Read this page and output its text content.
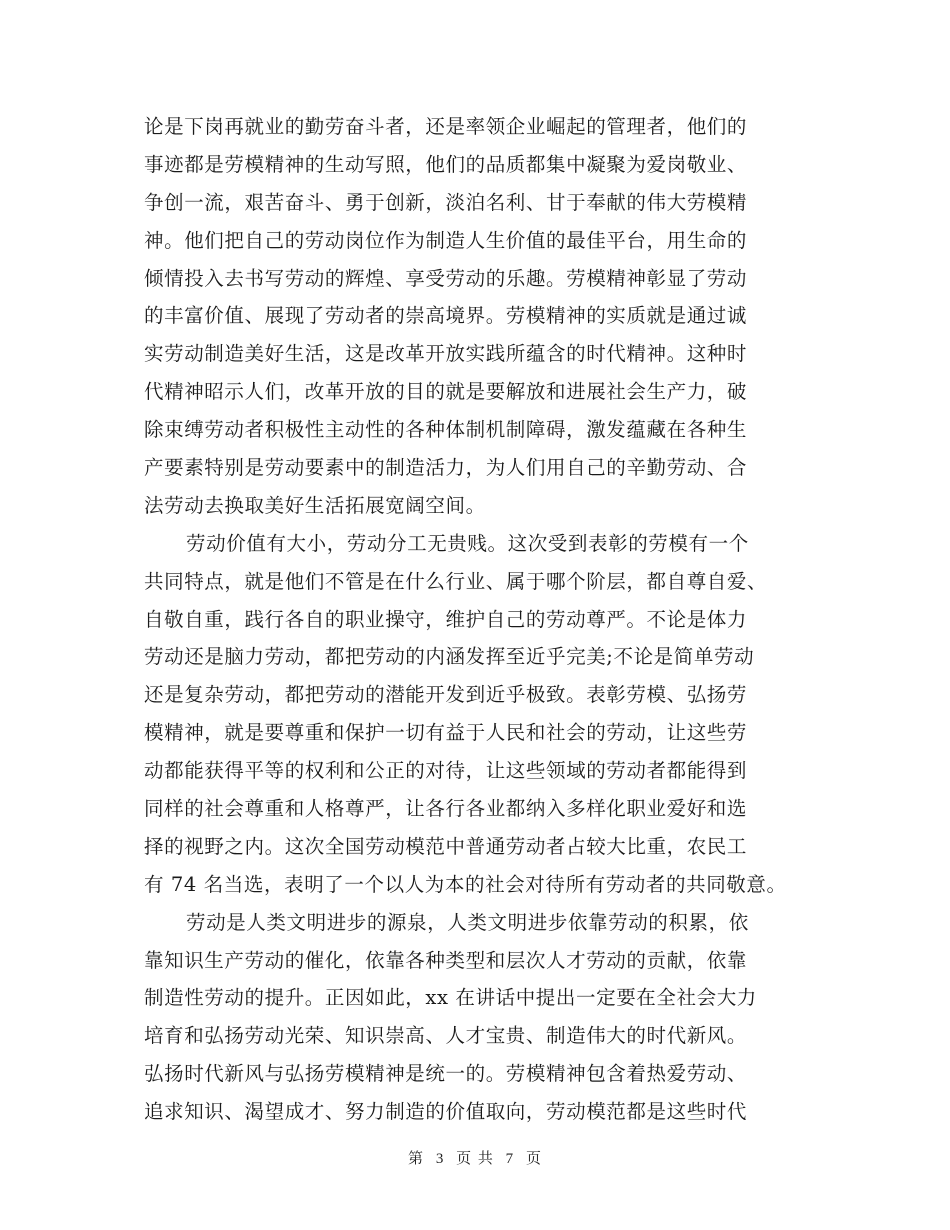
论是下岗再就业的勤劳奋斗者，还是率领企业崛起的管理者，他们的
事迹都是劳模精神的生动写照，他们的品质都集中凝聚为爱岗敬业、
争创一流，艰苦奋斗、勇于创新，淡泊名利、甘于奉献的伟大劳模精
神。他们把自己的劳动岗位作为制造人生价值的最佳平台，用生命的
倾情投入去书写劳动的辉煌、享受劳动的乐趣。劳模精神彰显了劳动
的丰富价值、展现了劳动者的崇高境界。劳模精神的实质就是通过诚
实劳动制造美好生活，这是改革开放实践所蕴含的时代精神。这种时
代精神昭示人们，改革开放的目的就是要解放和进展社会生产力，破
除束缚劳动者积极性主动性的各种体制机制障碍，激发蕴藏在各种生
产要素特别是劳动要素中的制造活力，为人们用自己的辛勤劳动、合
法劳动去换取美好生活拓展宽阔空间。
劳动价值有大小，劳动分工无贵贱。这次受到表彰的劳模有一个
共同特点，就是他们不管是在什么行业、属于哪个阶层，都自尊自爱、
自敬自重，践行各自的职业操守，维护自己的劳动尊严。不论是体力
劳动还是脑力劳动，都把劳动的内涵发挥至近乎完美;不论是简单劳动
还是复杂劳动，都把劳动的潜能开发到近乎极致。表彰劳模、弘扬劳
模精神，就是要尊重和保护一切有益于人民和社会的劳动，让这些劳
动都能获得平等的权利和公正的对待，让这些领域的劳动者都能得到
同样的社会尊重和人格尊严，让各行各业都纳入多样化职业爱好和选
择的视野之内。这次全国劳动模范中普通劳动者占较大比重，农民工
有 74 名当选，表明了一个以人为本的社会对待所有劳动者的共同敬意。
劳动是人类文明进步的源泉，人类文明进步依靠劳动的积累，依
靠知识生产劳动的催化，依靠各种类型和层次人才劳动的贡献，依靠
制造性劳动的提升。正因如此，xx 在讲话中提出一定要在全社会大力
培育和弘扬劳动光荣、知识崇高、人才宝贵、制造伟大的时代新风。
弘扬时代新风与弘扬劳模精神是统一的。劳模精神包含着热爱劳动、
追求知识、渴望成才、努力制造的价值取向，劳动模范都是这些时代
第 3 页 共 7 页
